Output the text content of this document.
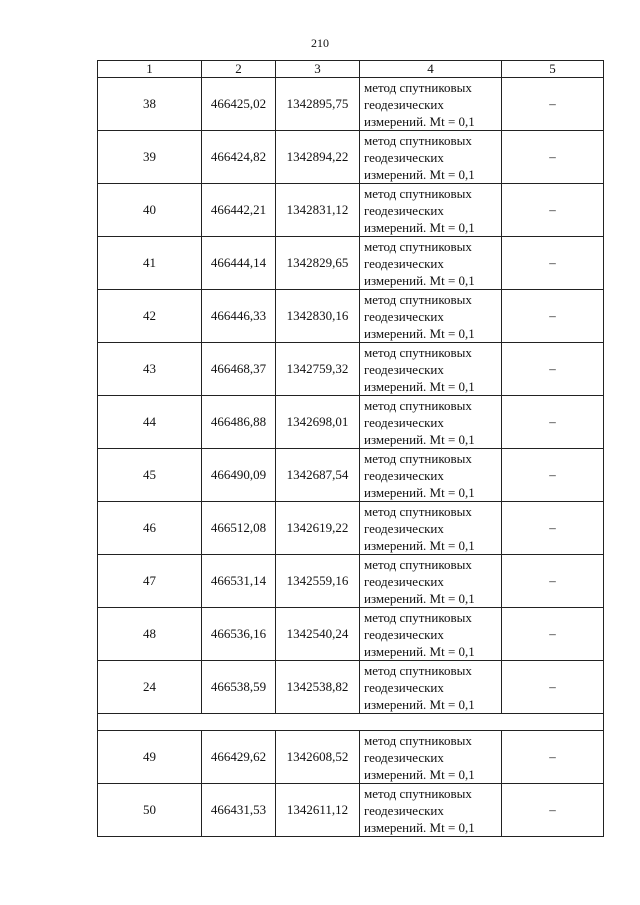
210
1	2	3	4	5
38	466425,02	1342895,75	метод спутниковых
геодезических
измерений. Mt = 0,1	–
39	466424,82	1342894,22	метод спутниковых
геодезических
измерений. Mt = 0,1	–
40	466442,21	1342831,12	метод спутниковых
геодезических
измерений. Mt = 0,1	–
41	466444,14	1342829,65	метод спутниковых
геодезических
измерений. Mt = 0,1	–
42	466446,33	1342830,16	метод спутниковых
геодезических
измерений. Mt = 0,1	–
43	466468,37	1342759,32	метод спутниковых
геодезических
измерений. Mt = 0,1	–
44	466486,88	1342698,01	метод спутниковых
геодезических
измерений. Mt = 0,1	–
45	466490,09	1342687,54	метод спутниковых
геодезических
измерений. Mt = 0,1	–
46	466512,08	1342619,22	метод спутниковых
геодезических
измерений. Mt = 0,1	–
47	466531,14	1342559,16	метод спутниковых
геодезических
измерений. Mt = 0,1	–
48	466536,16	1342540,24	метод спутниковых
геодезических
измерений. Mt = 0,1	–
24	466538,59	1342538,82	метод спутниковых
геодезических
измерений. Mt = 0,1	–

49	466429,62	1342608,52	метод спутниковых
геодезических
измерений. Mt = 0,1	–
50	466431,53	1342611,12	метод спутниковых
геодезических
измерений. Mt = 0,1	–
